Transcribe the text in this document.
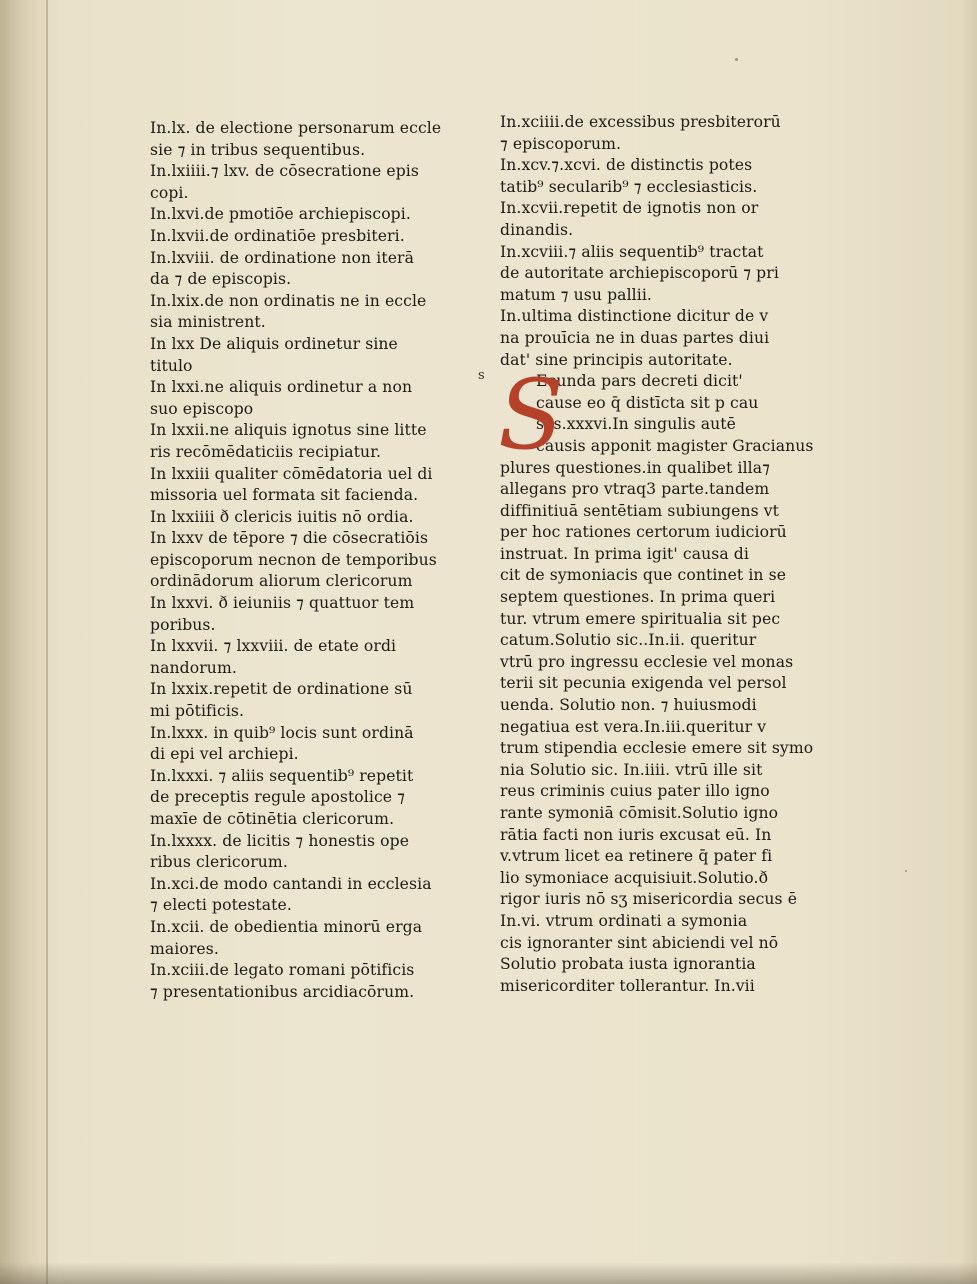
In.lx. de electione personarum eccle
sie ⁊ in tribus sequentibus.
In.lxiiii.⁊ lxv. de cōsecratione epis
copi.
In.lxvi.de pmotiōe archiepiscopi.
In.lxvii.de ordinatiōe presbiteri.
In.lxviii. de ordinatione non iterā
da ⁊ de episcopis.
In.lxix.de non ordinatis ne in eccle
sia ministrent.
In lxx De aliquis ordinetur sine
titulo
In lxxi.ne aliquis ordinetur a non
suo episcopo
In lxxii.ne aliquis ignotus sine litte
ris recōmēdaticiis recipiatur.
In lxxiii qualiter cōmēdatoria uel di
missoria uel formata sit facienda.
In lxxiiii ð clericis iuitis nō ordia.
In lxxv de tēpore ⁊ die cōsecratiōis
episcoporum necnon de temporibus
ordinādorum aliorum clericorum
In lxxvi. ð ieiuniis ⁊ quattuor tem
poribus.
In lxxvii. ⁊ lxxviii. de etate ordi
nandorum.
In lxxix.repetit de ordinatione sū
mi pōtificis.
In.lxxx. in quib⁹ locis sunt ordinā
di epi vel archiepi.
In.lxxxi. ⁊ aliis sequentib⁹ repetit
de preceptis regule apostolice ⁊
maxīe de cōtinētia clericorum.
In.lxxxx. de licitis ⁊ honestis ope
ribus clericorum.
In.xci.de modo cantandi in ecclesia
⁊ electi potestate.
In.xcii. de obedientia minorū erga
maiores.
In.xciii.de legato romani pōtificis
⁊ presentationibus arcidiacōrum.
In.xciiii.de excessibus presbiterorū
⁊ episcoporum.
In.xcv.⁊.xcvi. de distinctis potes
tatib⁹ secularib⁹ ⁊ ecclesiasticis.
In.xcvii.repetit de ignotis non or
dinandis.
In.xcviii.⁊ aliis sequentib⁹ tractat
de autoritate archiepiscoporū ⁊ pri
matum ⁊ usu pallii.
In.ultima distinctione dicitur de v
na prouīcia ne in duas partes diui
dat' sine principis autoritate.
s S
Ecunda pars decreti dicit'
cause eo q̄ distīcta sit p cau
sas.xxxvi.In singulis autē
causis apponit magister Gracianus
plures questiones.in qualibet illa⁊
allegans pro vtraq3 parte.tandem
diffinitiuā sentētiam subiungens vt
per hoc rationes certorum iudiciorū
instruat. In prima igit' causa di
cit de symoniacis que continet in se
septem questiones. In prima queri
tur. vtrum emere spiritualia sit pec
catum.Solutio sic..In.ii. queritur
vtrū pro ingressu ecclesie vel monas
terii sit pecunia exigenda vel persol
uenda. Solutio non. ⁊ huiusmodi
negatiua est vera.In.iii.queritur v
trum stipendia ecclesie emere sit symo
nia Solutio sic. In.iiii. vtrū ille sit
reus criminis cuius pater illo igno
rante symoniā cōmisit.Solutio igno
rātia facti non iuris excusat eū. In
v.vtrum licet ea retinere q̄ pater fi
lio symoniace acquisiuit.Solutio.ð
rigor iuris nō sʒ misericordia secus ē
In.vi. vtrum ordinati a symonia
cis ignoranter sint abiciendi vel nō
Solutio probata iusta ignorantia
misericorditer tollerantur. In.vii
